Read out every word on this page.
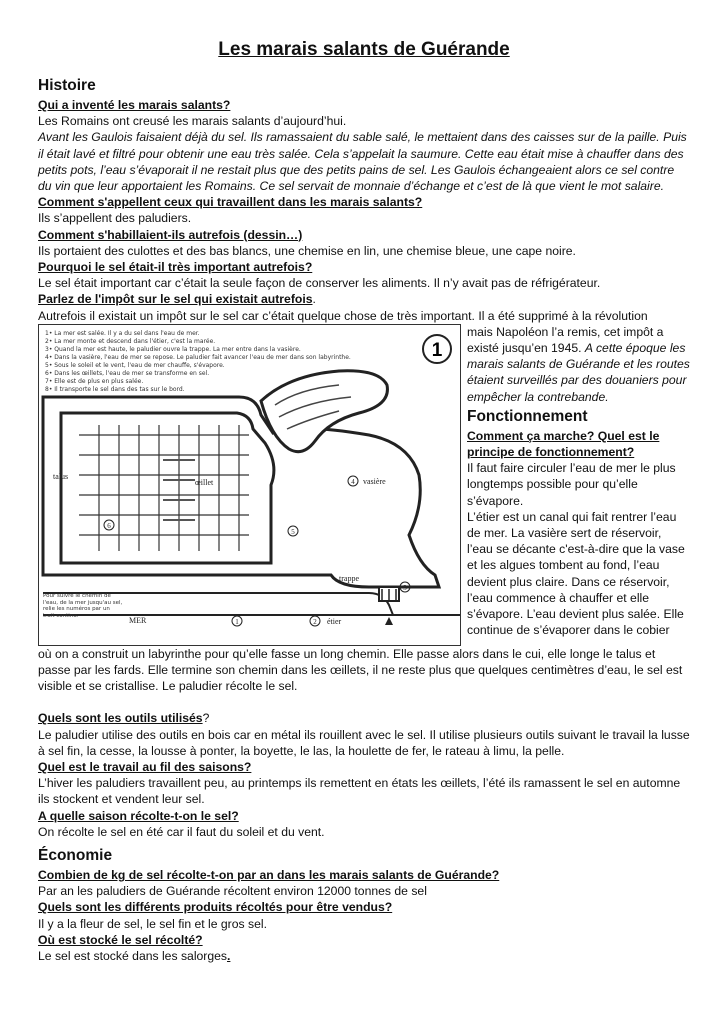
Les marais salants de Guérande
Histoire
Qui a inventé les marais salants?

Les Romains ont creusé les marais salants d’aujourd’hui.

Avant les Gaulois faisaient déjà du sel. Ils ramassaient du sable salé, le mettaient dans des caisses sur de la paille. Puis il était lavé et filtré pour obtenir une eau très salée. Cela s’appelait la saumure. Cette eau était mise à chauffer dans des petits pots, l’eau s’évaporait il ne restait plus que des petits pains de sel. Les Gaulois échangeaient alors ce sel contre du vin que leur apportaient les Romains. Ce sel servait de monnaie d’échange et c’est de là que vient le mot salaire.

Comment s'appellent ceux qui travaillent dans les marais salants?

Ils s’appellent des paludiers.

Comment s'habillaient-ils autrefois (dessin…)

Ils portaient des culottes et des bas blancs, une chemise en lin, une chemise bleue, une cape noire.

Pourquoi le sel était-il très important autrefois?

Le sel était important car c’était la seule façon de conserver les aliments. Il n’y avait pas de réfrigérateur.

Parlez de l'impôt sur le sel qui existait autrefois.

Autrefois il existait un impôt sur le sel car c’était quelque chose de très important. Il a été supprimé à la révolution

1• La mer est salée. Il y a du sel dans l'eau de mer.
2• La mer monte et descend dans l'étier, c'est la marée.
3• Quand la mer est haute, le paludier ouvre la trappe. La mer entre dans la vasière.
4• Dans la vasière, l'eau de mer se repose. Le paludier fait avancer l'eau de mer dans son labyrinthe.
5• Sous le soleil et le vent, l'eau de mer chauffe, s'évapore.
6• Dans les œillets, l'eau de mer se transforme en sel.
7• Elle est de plus en plus salée.
8• Il transporte le sel dans des tas sur le bord.
1
talus
œillet	4 vasière
trappe
3
MER	2 étier
1
5
6
Pour suivre le chemin de l'eau, de la mer jusqu'au sel, relie les numéros par un trait continu.

mais Napoléon l’a remis, cet impôt a existé jusqu’en 1945. A cette époque les marais salants de Guérande et les routes étaient surveillés par des douaniers pour empêcher la contrebande.

Fonctionnement
Comment ça marche? Quel est le principe de fonctionnement?

Il faut faire circuler l’eau de mer le plus longtemps possible pour qu’elle s’évapore.

L’étier est un canal qui fait rentrer l’eau de mer. La vasière sert de réservoir, l’eau se décante c'est-à-dire que la vase et les algues tombent au fond, l’eau devient plus claire. Dans ce réservoir, l’eau commence à chauffer et elle s’évapore. L’eau devient plus salée. Elle continue de s’évaporer dans le cobier

où on a construit un labyrinthe pour qu’elle fasse un long chemin. Elle passe alors dans le cui, elle longe le talus et passe par les fards. Elle termine son chemin dans les œillets, il ne reste plus que quelques centimètres d’eau, le sel est visible et se cristallise. Le paludier récolte le sel.

Quels sont les outils utilisés?

Le paludier utilise des outils en bois car en métal ils rouillent avec le sel. Il utilise plusieurs outils suivant le travail la lusse à sel fin, la cesse, la lousse à ponter, la boyette, le las, la houlette de fer, le rateau à limu, la pelle.

Quel est le travail au fil des saisons?

L’hiver les paludiers travaillent peu, au printemps ils remettent en états les œillets, l’été ils ramassent le sel en automne ils stockent et vendent leur sel.

A quelle saison récolte-t-on le sel?

On récolte le sel en été car il faut du soleil et du vent.

Économie
Combien de kg de sel récolte-t-on par an dans les marais salants de Guérande?

Par an les paludiers de Guérande récoltent environ 12000 tonnes de sel

Quels sont les différents produits récoltés pour être vendus?

Il y a la fleur de sel, le sel fin et le gros sel.

Où est stocké le sel récolté?

Le sel est stocké dans les salorges.
